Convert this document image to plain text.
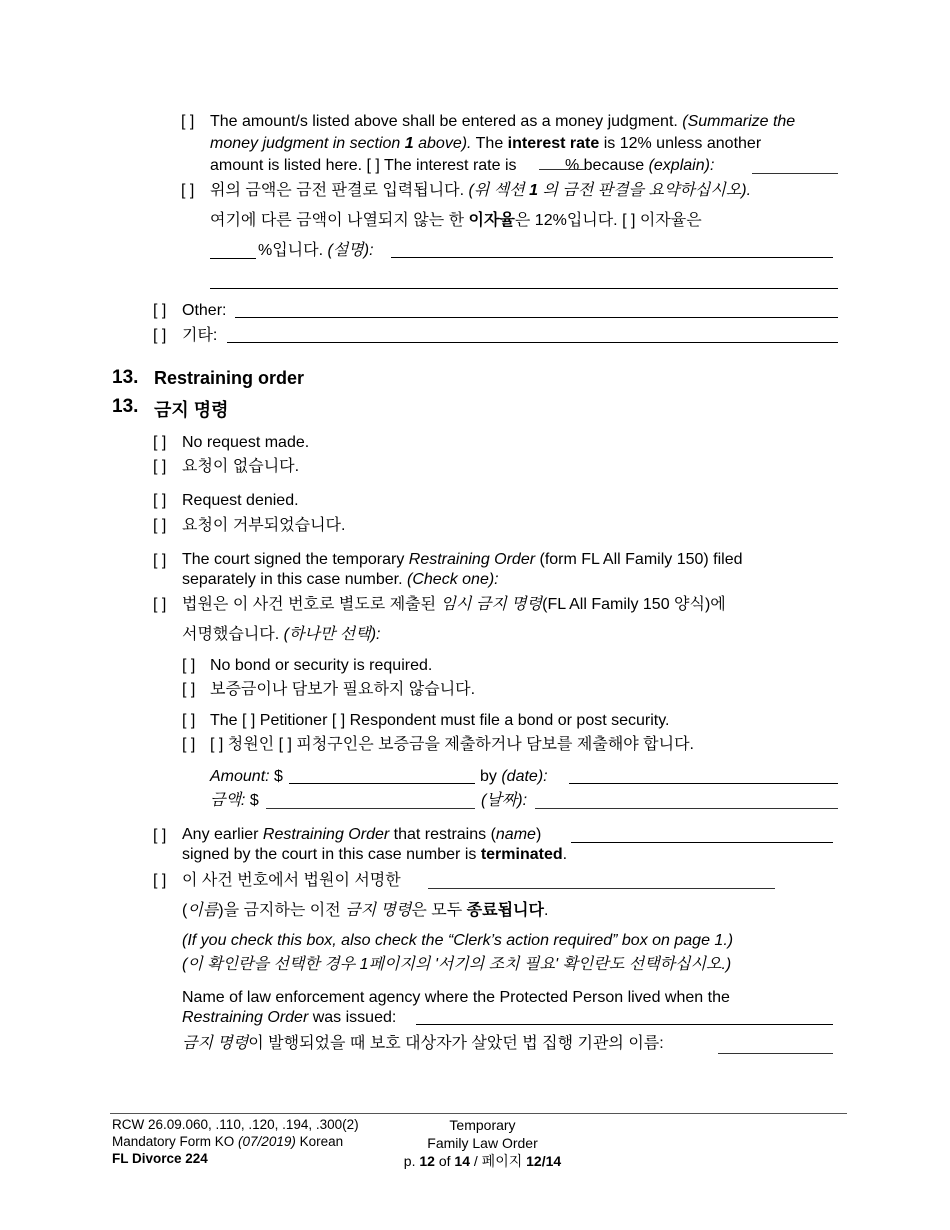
[ ] The amount/s listed above shall be entered as a money judgment. (Summarize the
money judgment in section 1 above). The interest rate is 12% unless another
amount is listed here. [ ] The interest rate is	% because (explain):
[ ] 위의 금액은 금전 판결로 입력됩니다. (위 섹션 1 의 금전 판결을 요약하십시오).
여기에 다른 금액이 나열되지 않는 한 이자율은 12%입니다. [ ] 이자율은
%입니다. (설명):
[ ] Other:
[ ] 기타:
13. Restraining order
13. 금지 명령
[ ] No request made.
[ ] 요청이 없습니다.
[ ] Request denied.
[ ] 요청이 거부되었습니다.
[ ] The court signed the temporary Restraining Order (form FL All Family 150) filed
separately in this case number. (Check one):
[ ] 법원은 이 사건 번호로 별도로 제출된 임시 금지 명령(FL All Family 150 양식)에
서명했습니다. (하나만 선택):
[ ] No bond or security is required.
[ ] 보증금이나 담보가 필요하지 않습니다.
[ ] The [ ] Petitioner [ ] Respondent must file a bond or post security.
[ ] [ ] 청원인 [ ] 피청구인은 보증금을 제출하거나 담보를 제출해야 합니다.
Amount: $	by (date):
금액: $	(날짜):
[ ] Any earlier Restraining Order that restrains (name)
signed by the court in this case number is terminated.
[ ] 이 사건 번호에서 법원이 서명한
(이름)을 금지하는 이전 금지 명령은 모두 종료됩니다.
(If you check this box, also check the “Clerk’s action required” box on page 1.)
(이 확인란을 선택한 경우 1페이지의 '서기의 조치 필요' 확인란도 선택하십시오.)
Name of law enforcement agency where the Protected Person lived when the
Restraining Order was issued:
금지 명령이 발행되었을 때 보호 대상자가 살았던 법 집행 기관의 이름:
RCW 26.09.060, .110, .120, .194, .300(2)
Mandatory Form KO (07/2019) Korean
FL Divorce 224
Temporary
Family Law Order
p. 12 of 14 / 페이지 12/14
